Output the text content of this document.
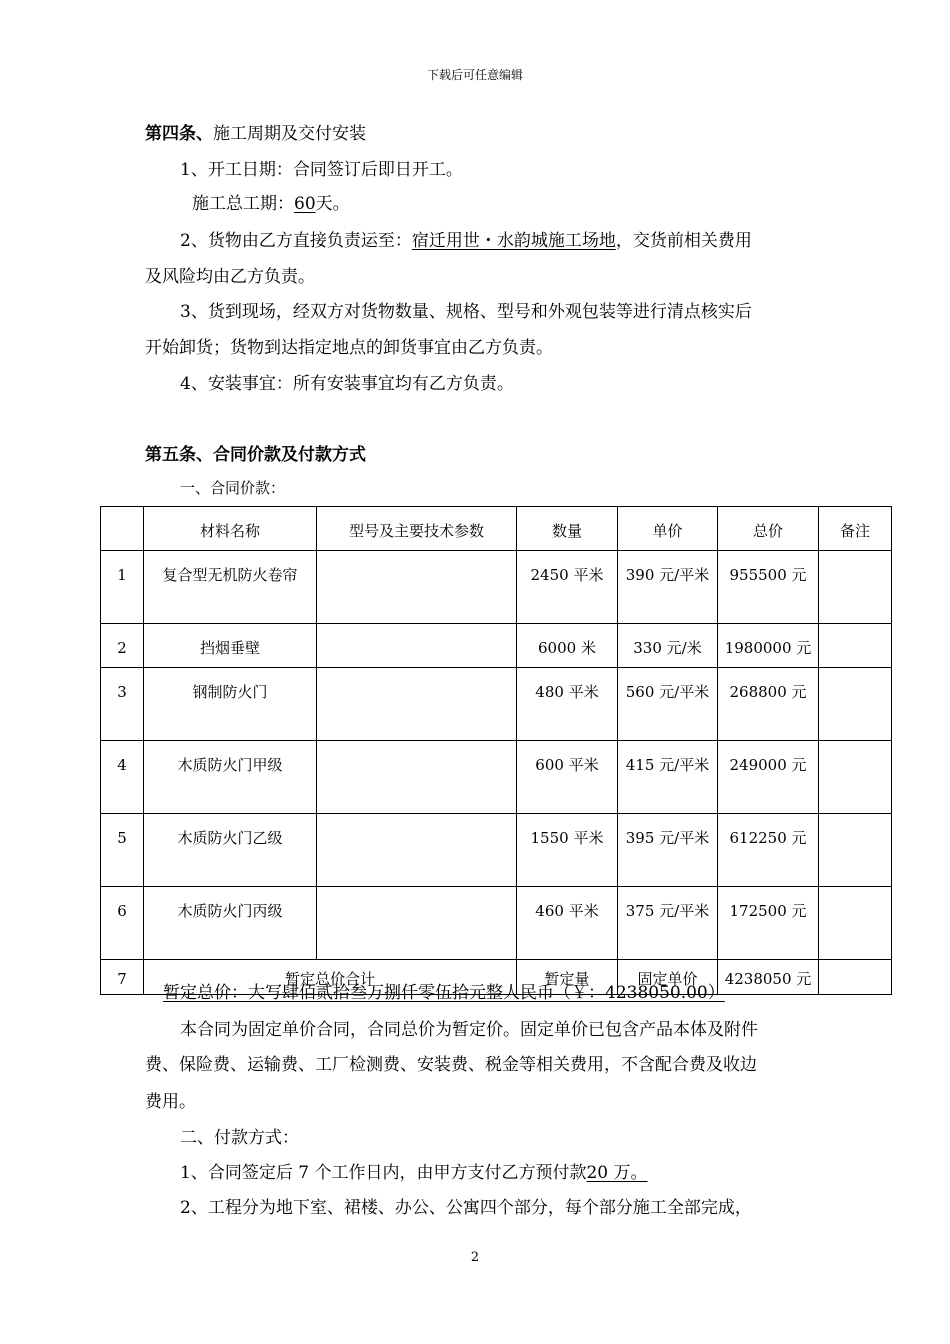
下载后可任意编辑
第四条、施工周期及交付安装
1、开工日期：合同签订后即日开工。
施工总工期：60天。
2、货物由乙方直接负责运至：宿迁用世・水韵城施工场地，交货前相关费用
及风险均由乙方负责。
3、货到现场，经双方对货物数量、规格、型号和外观包装等进行清点核实后
开始卸货；货物到达指定地点的卸货事宜由乙方负责。
4、安装事宜：所有安装事宜均有乙方负责。
第五条、合同价款及付款方式
一、合同价款：
	材料名称	型号及主要技术参数	数量	单价	总价	备注
1	复合型无机防火卷帘		2450 平米	390 元/平米	955500 元	
2	挡烟垂壁		6000 米	330 元/米	1980000 元	
3	钢制防火门		480 平米	560 元/平米	268800 元	
4	木质防火门甲级		600 平米	415 元/平米	249000 元	
5	木质防火门乙级		1550 平米	395 元/平米	612250 元	
6	木质防火门丙级		460 平米	375 元/平米	172500 元	
7	暂定总价合计		暂定量	固定单价	4238050 元	
暂定总价：大写肆佰贰拾叁万捌仟零伍拾元整人民币（￥：4238050.00）
本合同为固定单价合同，合同总价为暂定价。固定单价已包含产品本体及附件
费、保险费、运输费、工厂检测费、安装费、税金等相关费用，不含配合费及收边
费用。
二、付款方式：
1、合同签定后 7 个工作日内，由甲方支付乙方预付款20 万。
2、工程分为地下室、裙楼、办公、公寓四个部分，每个部分施工全部完成，
2
